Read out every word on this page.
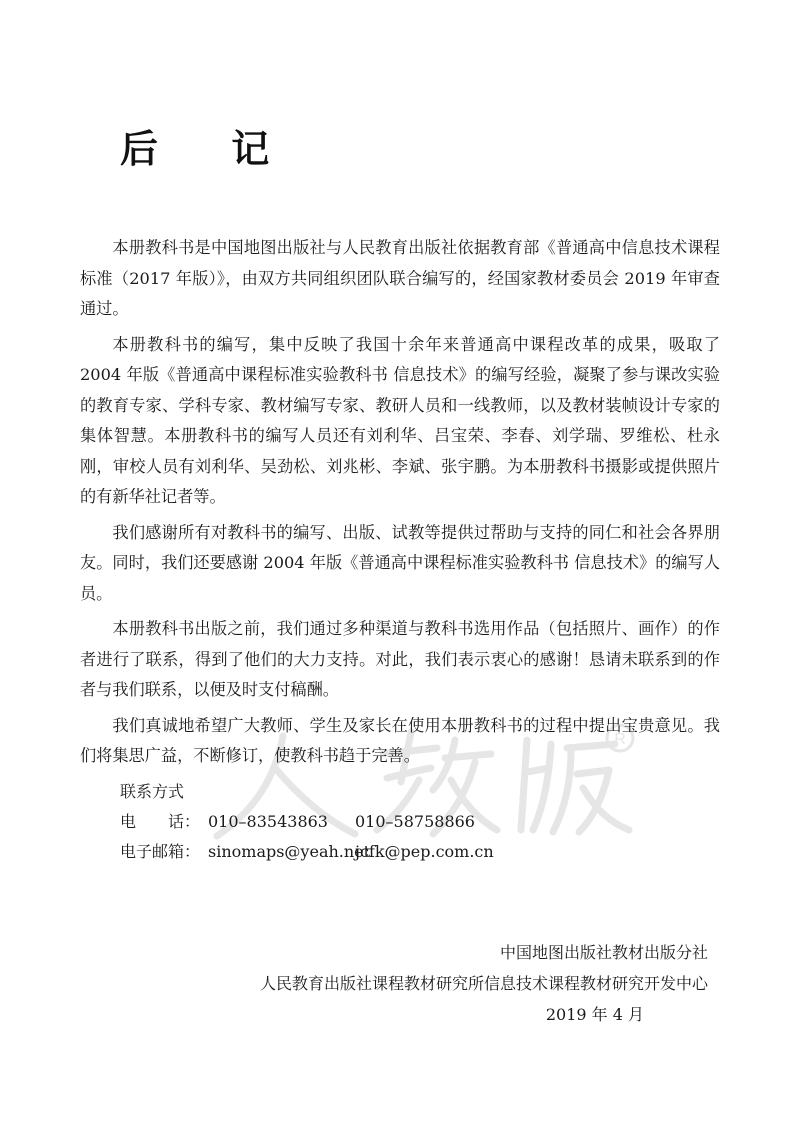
R
后 记

本册教科书是中国地图出版社与人民教育出版社依据教育部《普通高中信息技术课程标准（2017 年版）》，由双方共同组织团队联合编写的，经国家教材委员会 2019 年审查通过。

本册教科书的编写，集中反映了我国十余年来普通高中课程改革的成果，吸取了 2004 年版《普通高中课程标准实验教科书 信息技术》的编写经验，凝聚了参与课改实验的教育专家、学科专家、教材编写专家、教研人员和一线教师，以及教材装帧设计专家的集体智慧。本册教科书的编写人员还有刘利华、吕宝荣、李春、刘学瑞、罗维松、杜永刚，审校人员有刘利华、吴劲松、刘兆彬、李斌、张宇鹏。为本册教科书摄影或提供照片的有新华社记者等。

我们感谢所有对教科书的编写、出版、试教等提供过帮助与支持的同仁和社会各界朋友。同时，我们还要感谢 2004 年版《普通高中课程标准实验教科书 信息技术》的编写人员。

本册教科书出版之前，我们通过多种渠道与教科书选用作品（包括照片、画作）的作者进行了联系，得到了他们的大力支持。对此，我们表示衷心的感谢！恳请未联系到的作者与我们联系，以便及时支付稿酬。

我们真诚地希望广大教师、学生及家长在使用本册教科书的过程中提出宝贵意见。我们将集思广益，不断修订，使教科书趋于完善。

联系方式
电 话： 010–83543863	010–58758866
电子邮箱： sinomaps@yeah.net
jcfk@pep.com.cn
中国地图出版社教材出版分社
人民教育出版社课程教材研究所信息技术课程教材研究开发中心
2019 年 4 月
